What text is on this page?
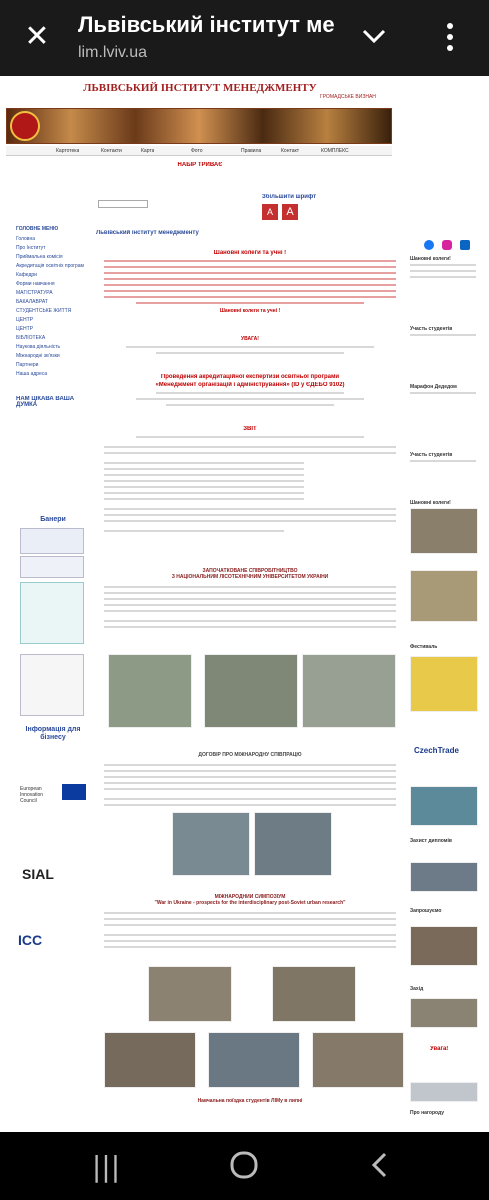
✕ Львівський інститут ме
lim.lviv.ua
ЛЬВІВСЬКИЙ ІНСТИТУТ МЕНЕДЖМЕНТУ
ГРОМАДСЬКЕ ВИЗНАН
Картотека	Контакти	Карта	Фото	Правила	Контакт	КОМПЛЕКС
НАБІР ТРИВАЄ
Збільшити шрифт
A	A
ГОЛОВНЕ МЕНЮ
Головна
Про Інститут
Приймальна комісія
Акредитація освітніх програм
Кафедри
Форми навчання
МАГІСТРАТУРА
БАКАЛАВРАТ
СТУДЕНТСЬКЕ ЖИТТЯ
ЦЕНТР
ЦЕНТР
БІБЛІОТЕКА
Наукова діяльність
Міжнародні зв'язки
Партнери
Наша адреса
НАМ ЦІКАВА ВАША ДУМКА
Банери
Інформація для бізнесу
European Innovation Council
SIAL
ICC
Львівський інститут менеджменту
Шановні колеги та учні !
Шановні колеги та учні !
УВАГА!
Проведення акредитаційної експертизи освітньої програми
«Менеджмент організацій і адміністрування» (ID у ЄДЕБО 9102)
ЗВІТ
ЗАПОЧАТКОВАНЕ СПІВРОБІТНИЦТВО
З НАЦІОНАЛЬНИМ ЛІСОТЕХНІЧНИМ УНІВЕРСИТЕТОМ УКРАЇНИ
ДОГОВІР ПРО МІЖНАРОДНУ СПІВПРАЦЮ
МІЖНАРОДНИЙ СИМПОЗІУМ
"War in Ukraine - prospects for the interdisciplinary post-Soviet urban research"
Навчальна поїздка студентів ЛІМу в липні
Шановні колеги!
Участь студентів
Марафон Дедедом
Участь студентів
Шановні колеги!
Фестиваль
CzechTrade
Захист дипломів
Запрошуємо
Захід
Увага!
Про нагороду
|||
